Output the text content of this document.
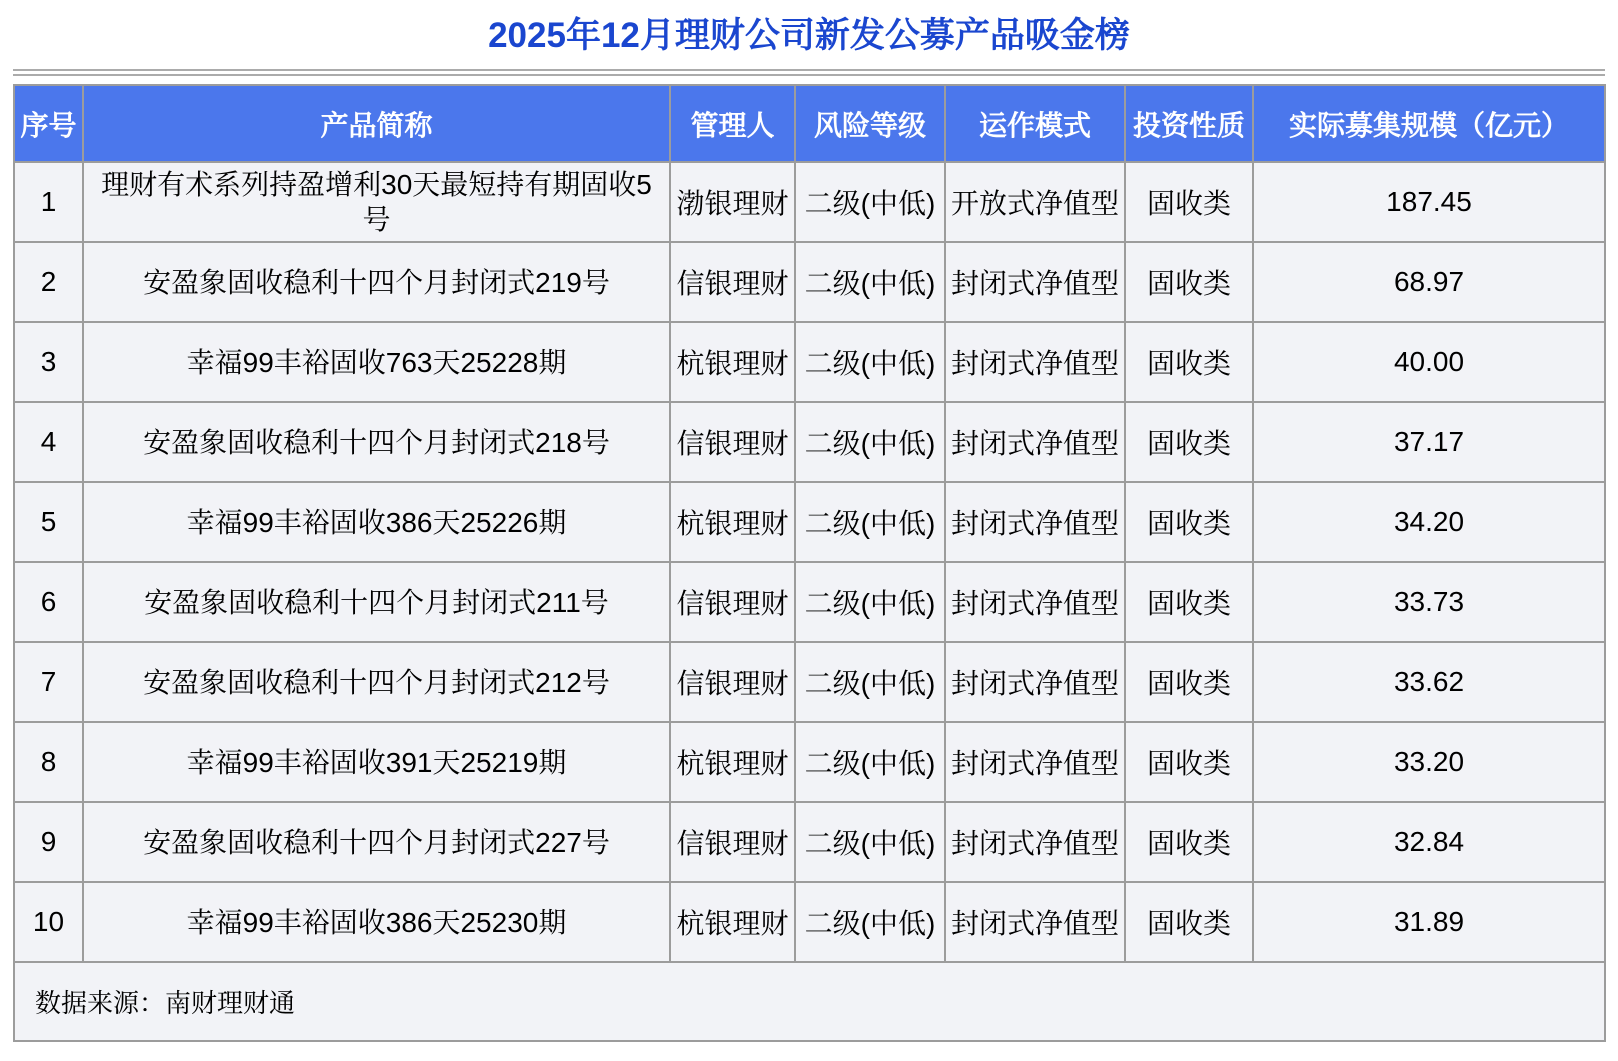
2025年12月理财公司新发公募产品吸金榜
序号	产品简称	管理人	风险等级	运作模式	投资性质	实际募集规模（亿元）
1	理财有术系列持盈增利30天最短持有期固收5号	渤银理财	二级(中低)	开放式净值型	固收类	187.45
2	安盈象固收稳利十四个月封闭式219号	信银理财	二级(中低)	封闭式净值型	固收类	68.97
3	幸福99丰裕固收763天25228期	杭银理财	二级(中低)	封闭式净值型	固收类	40.00
4	安盈象固收稳利十四个月封闭式218号	信银理财	二级(中低)	封闭式净值型	固收类	37.17
5	幸福99丰裕固收386天25226期	杭银理财	二级(中低)	封闭式净值型	固收类	34.20
6	安盈象固收稳利十四个月封闭式211号	信银理财	二级(中低)	封闭式净值型	固收类	33.73
7	安盈象固收稳利十四个月封闭式212号	信银理财	二级(中低)	封闭式净值型	固收类	33.62
8	幸福99丰裕固收391天25219期	杭银理财	二级(中低)	封闭式净值型	固收类	33.20
9	安盈象固收稳利十四个月封闭式227号	信银理财	二级(中低)	封闭式净值型	固收类	32.84
10	幸福99丰裕固收386天25230期	杭银理财	二级(中低)	封闭式净值型	固收类	31.89
数据来源：南财理财通						
